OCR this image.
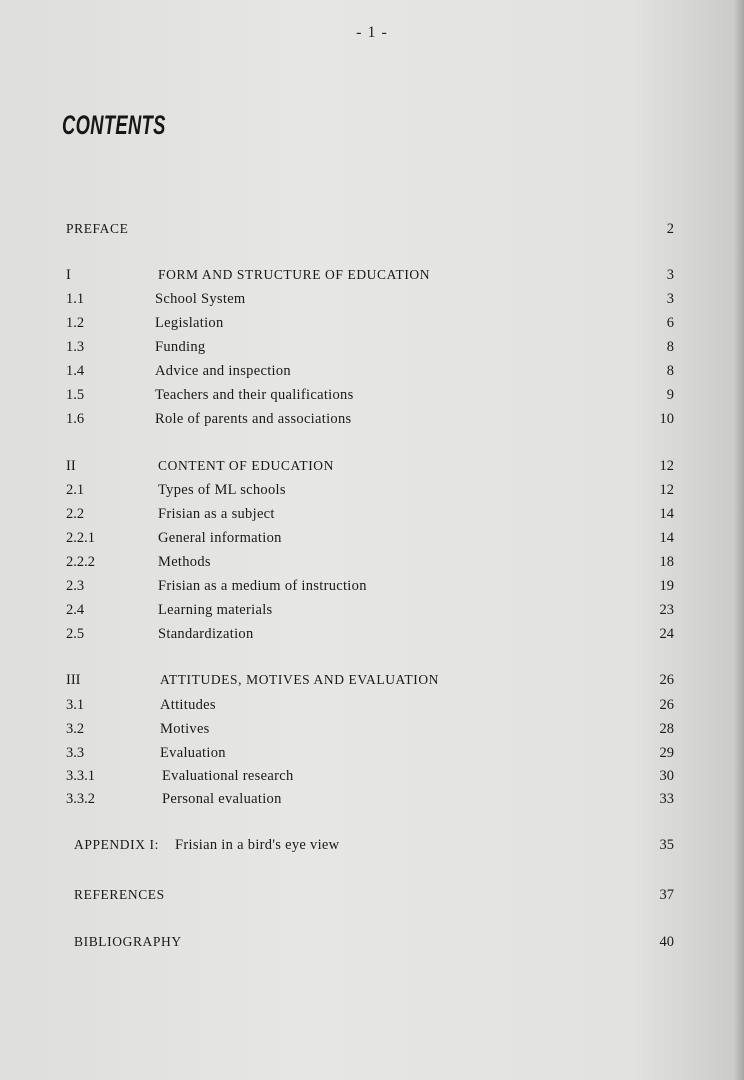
- 1 -
CONTENTS
PREFACE	2
I	FORM AND STRUCTURE OF EDUCATION	3
1.1	School System	3
1.2	Legislation	6
1.3	Funding	8
1.4	Advice and inspection	8
1.5	Teachers and their qualifications	9
1.6	Role of parents and associations	10
II	CONTENT OF EDUCATION	12
2.1	Types of ML schools	12
2.2	Frisian as a subject	14
2.2.1	General information	14
2.2.2	Methods	18
2.3	Frisian as a medium of instruction	19
2.4	Learning materials	23
2.5	Standardization	24
III	ATTITUDES, MOTIVES AND EVALUATION	26
3.1	Attitudes	26
3.2	Motives	28
3.3	Evaluation	29
3.3.1	Evaluational research	30
3.3.2	Personal evaluation	33
APPENDIX I: Frisian in a bird's eye view	35
REFERENCES	37
BIBLIOGRAPHY	40
